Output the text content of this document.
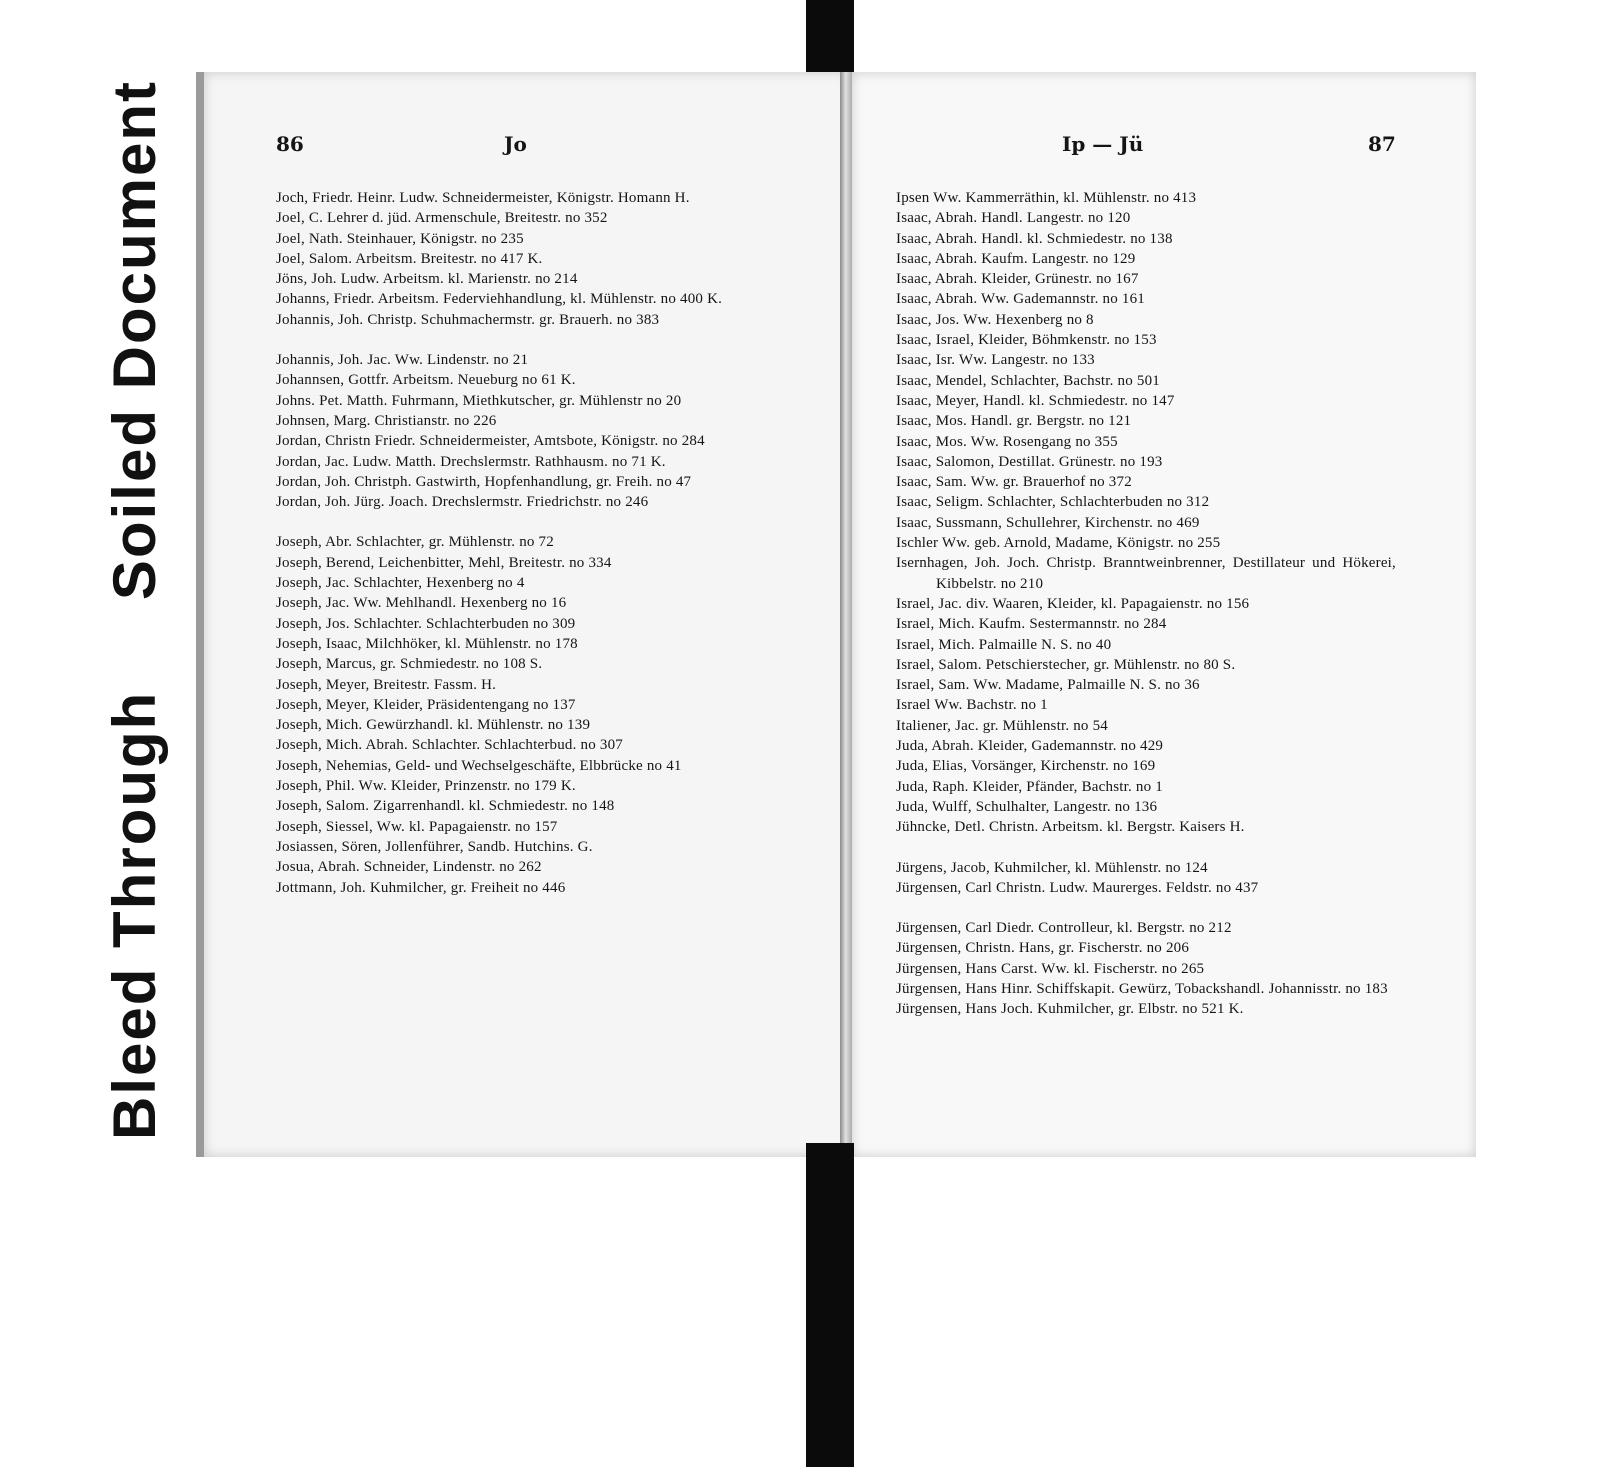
Bleed Through
Soiled Document	86	Jo

Joch, Friedr. Heinr. Ludw. Schneidermeister, Königstr. Homann H.

Joel, C. Lehrer d. jüd. Armenschule, Breitestr. no 352

Joel, Nath. Steinhauer, Königstr. no 235

Joel, Salom. Arbeitsm. Breitestr. no 417 K.

Jöns, Joh. Ludw. Arbeitsm. kl. Marienstr. no 214

Johanns, Friedr. Arbeitsm. Federviehhandlung, kl. Mühlenstr. no 400 K.

Johannis, Joh. Christp. Schuhmachermstr. gr. Brauerh. no 383

Johannis, Joh. Jac. Ww. Lindenstr. no 21

Johannsen, Gottfr. Arbeitsm. Neueburg no 61 K.

Johns. Pet. Matth. Fuhrmann, Miethkutscher, gr. Mühlenstr no 20

Johnsen, Marg. Christianstr. no 226

Jordan, Christn Friedr. Schneidermeister, Amtsbote, Königstr. no 284

Jordan, Jac. Ludw. Matth. Drechslermstr. Rathhausm. no 71 K.

Jordan, Joh. Christph. Gastwirth, Hopfenhandlung, gr. Freih. no 47

Jordan, Joh. Jürg. Joach. Drechslermstr. Friedrichstr. no 246

Joseph, Abr. Schlachter, gr. Mühlenstr. no 72

Joseph, Berend, Leichenbitter, Mehl, Breitestr. no 334

Joseph, Jac. Schlachter, Hexenberg no 4

Joseph, Jac. Ww. Mehlhandl. Hexenberg no 16

Joseph, Jos. Schlachter. Schlachterbuden no 309

Joseph, Isaac, Milchhöker, kl. Mühlenstr. no 178

Joseph, Marcus, gr. Schmiedestr. no 108 S.

Joseph, Meyer, Breitestr. Fassm. H.

Joseph, Meyer, Kleider, Präsidentengang no 137

Joseph, Mich. Gewürzhandl. kl. Mühlenstr. no 139

Joseph, Mich. Abrah. Schlachter. Schlachterbud. no 307

Joseph, Nehemias, Geld- und Wechselgeschäfte, Elbbrücke no 41

Joseph, Phil. Ww. Kleider, Prinzenstr. no 179 K.

Joseph, Salom. Zigarrenhandl. kl. Schmiedestr. no 148

Joseph, Siessel, Ww. kl. Papagaienstr. no 157

Josiassen, Sören, Jollenführer, Sandb. Hutchins. G.

Josua, Abrah. Schneider, Lindenstr. no 262

Jottmann, Joh. Kuhmilcher, gr. Freiheit no 446

Ip — Jü	87

Ipsen Ww. Kammerräthin, kl. Mühlenstr. no 413

Isaac, Abrah. Handl. Langestr. no 120

Isaac, Abrah. Handl. kl. Schmiedestr. no 138

Isaac, Abrah. Kaufm. Langestr. no 129

Isaac, Abrah. Kleider, Grünestr. no 167

Isaac, Abrah. Ww. Gademannstr. no 161

Isaac, Jos. Ww. Hexenberg no 8

Isaac, Israel, Kleider, Böhmkenstr. no 153

Isaac, Isr. Ww. Langestr. no 133

Isaac, Mendel, Schlachter, Bachstr. no 501

Isaac, Meyer, Handl. kl. Schmiedestr. no 147

Isaac, Mos. Handl. gr. Bergstr. no 121

Isaac, Mos. Ww. Rosengang no 355

Isaac, Salomon, Destillat. Grünestr. no 193

Isaac, Sam. Ww. gr. Brauerhof no 372

Isaac, Seligm. Schlachter, Schlachterbuden no 312

Isaac, Sussmann, Schullehrer, Kirchenstr. no 469

Ischler Ww. geb. Arnold, Madame, Königstr. no 255

Isernhagen, Joh. Joch. Christp. Branntweinbrenner, Destillateur und Hökerei, Kibbelstr. no 210

Israel, Jac. div. Waaren, Kleider, kl. Papagaienstr. no 156

Israel, Mich. Kaufm. Sestermannstr. no 284

Israel, Mich. Palmaille N. S. no 40

Israel, Salom. Petschierstecher, gr. Mühlenstr. no 80 S.

Israel, Sam. Ww. Madame, Palmaille N. S. no 36

Israel Ww. Bachstr. no 1

Italiener, Jac. gr. Mühlenstr. no 54

Juda, Abrah. Kleider, Gademannstr. no 429

Juda, Elias, Vorsänger, Kirchenstr. no 169

Juda, Raph. Kleider, Pfänder, Bachstr. no 1

Juda, Wulff, Schulhalter, Langestr. no 136

Jühncke, Detl. Christn. Arbeitsm. kl. Bergstr. Kaisers H.

Jürgens, Jacob, Kuhmilcher, kl. Mühlenstr. no 124

Jürgensen, Carl Christn. Ludw. Maurerges. Feldstr. no 437

Jürgensen, Carl Diedr. Controlleur, kl. Bergstr. no 212

Jürgensen, Christn. Hans, gr. Fischerstr. no 206

Jürgensen, Hans Carst. Ww. kl. Fischerstr. no 265

Jürgensen, Hans Hinr. Schiffskapit. Gewürz, Tobackshandl. Johannisstr. no 183

Jürgensen, Hans Joch. Kuhmilcher, gr. Elbstr. no 521 K.
